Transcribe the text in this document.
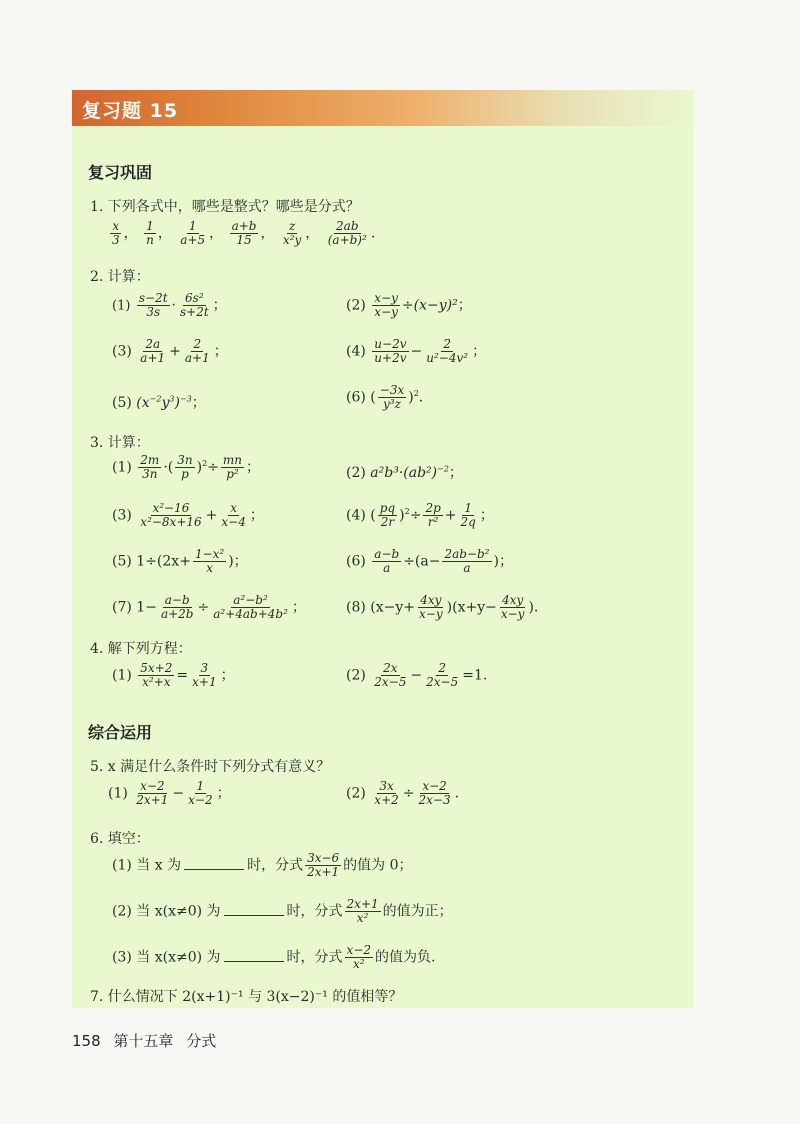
复习题 15
复习巩固
1. 下列各式中，哪些是整式？哪些是分式？
$\frac{x}{3}$ ， $\frac{1}{n}$ ， $\frac{1}{a+5}$ ， $\frac{a+b}{15}$ ， $\frac{z}{\text{x²y}}$ ， $\frac{2ab}{\text{(a+b)²}}$ .
2. 计算：
$(1) \frac{s-2t}{3s} \cdot \frac{\text{6s²}}{s+2t}$ ；	$(2) \frac{x-y}{x-y} \div(x-y)^2$；
$(3) \frac{2a}{a+1} + \frac{2}{a+1}$ ；	$(4) \frac{u-2v}{u+2v} - \frac{2}{\text{u²−4v²}}$ ；
(5) $(x^{-2}y^3)^{-3}$；	(6) ( $\frac{-3x}{\text{y³z}} )^2$.
3. 计算：
$(1) \frac{2m}{3n}$ ·( $\frac{3n}{p} )^2\div \frac{mn}{\text{p²}}$ ；	(2) $a^2b^3\cdot(ab^2)^{-2}$；
$(3) \frac{\text{x²−16}}{\text{x²−8x+16}} + \frac{x}{x-4}$ ；	(4) ( $\frac{pq}{2r} )^2\div \frac{2p}{\text{r²}} + \frac{1}{2q}$ ；
(5) $1\div(2x+ \frac{\text{1−x²}}{x}$ )；	$(6) \frac{a-b}{a} \div(a- \frac{\text{2ab−b²}}{a}$ )；
(7) $1- \frac{a-b}{a+2b} \div \frac{\text{a²−b²}}{\text{a²+4ab+4b²}}$ ；	(8) $(x-y+ \frac{4xy}{x-y} )(x+y- \frac{4xy}{x-y}$ ).
4. 解下列方程：
$(1) \frac{5x+2}{\text{x²+x}} = \frac{3}{x+1}$ ；	$(2) \frac{2x}{2x-5} - \frac{2}{2x-5} =1$.
综合运用
5. x 满足什么条件时下列分式有意义？
$(1) \frac{x-2}{2x+1} - \frac{1}{x-2}$ ；	$(2) \frac{3x}{x+2} \div \frac{x-2}{2x-3}$ .
6. 填空：
(1) 当 x 为	时，分式 $\frac{3x-6}{2x+1}$ 的值为 0；
(2) 当 x(x≠0) 为	时，分式 $\frac{2x+1}{\text{x²}}$ 的值为正；
(3) 当 x(x≠0) 为	时，分式 $\frac{x-2}{\text{x²}}$ 的值为负.
7. 什么情况下 2(x+1)⁻¹ 与 3(x−2)⁻¹ 的值相等？
158 第十五章 分式
